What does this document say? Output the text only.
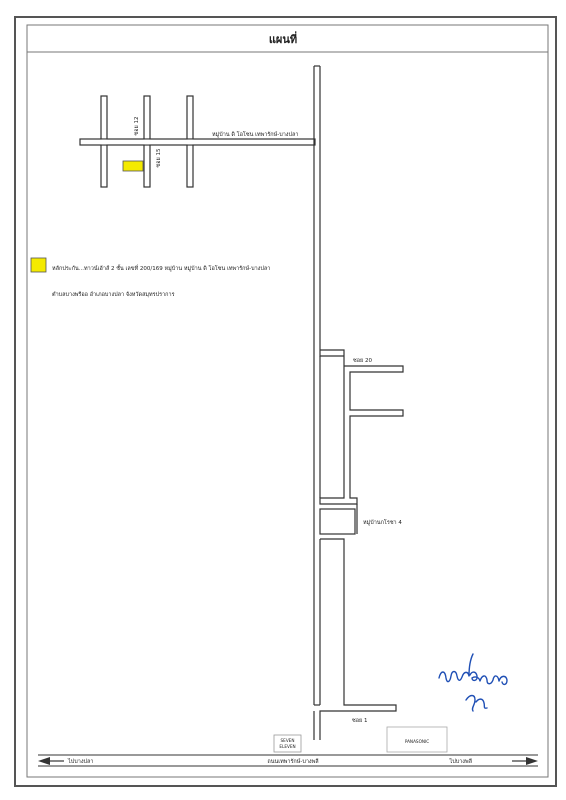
แผนที่
ซอย 12
ซอย 15
หมู่บ้าน ดิ โอโซน เทพารักษ์-บางปลา
หลักประกัน...ทาวน์เฮ้าส์ 2 ชั้น เลขที่ 200/169 หมู่บ้าน หมู่บ้าน ดิ โอโซน เทพารักษ์-บางปลา
ตำบลบางพรีออ อำเภอบางปลา จังหวัดสมุทรปราการ
ซอย 20
หมู่บ้านกโรชา 4
ซอย 1
SEVEN
ELEVEN
PANASONIC
ไปบางปลา	ถนนเทพารักษ์-บางพลี	ไปบางพลี
